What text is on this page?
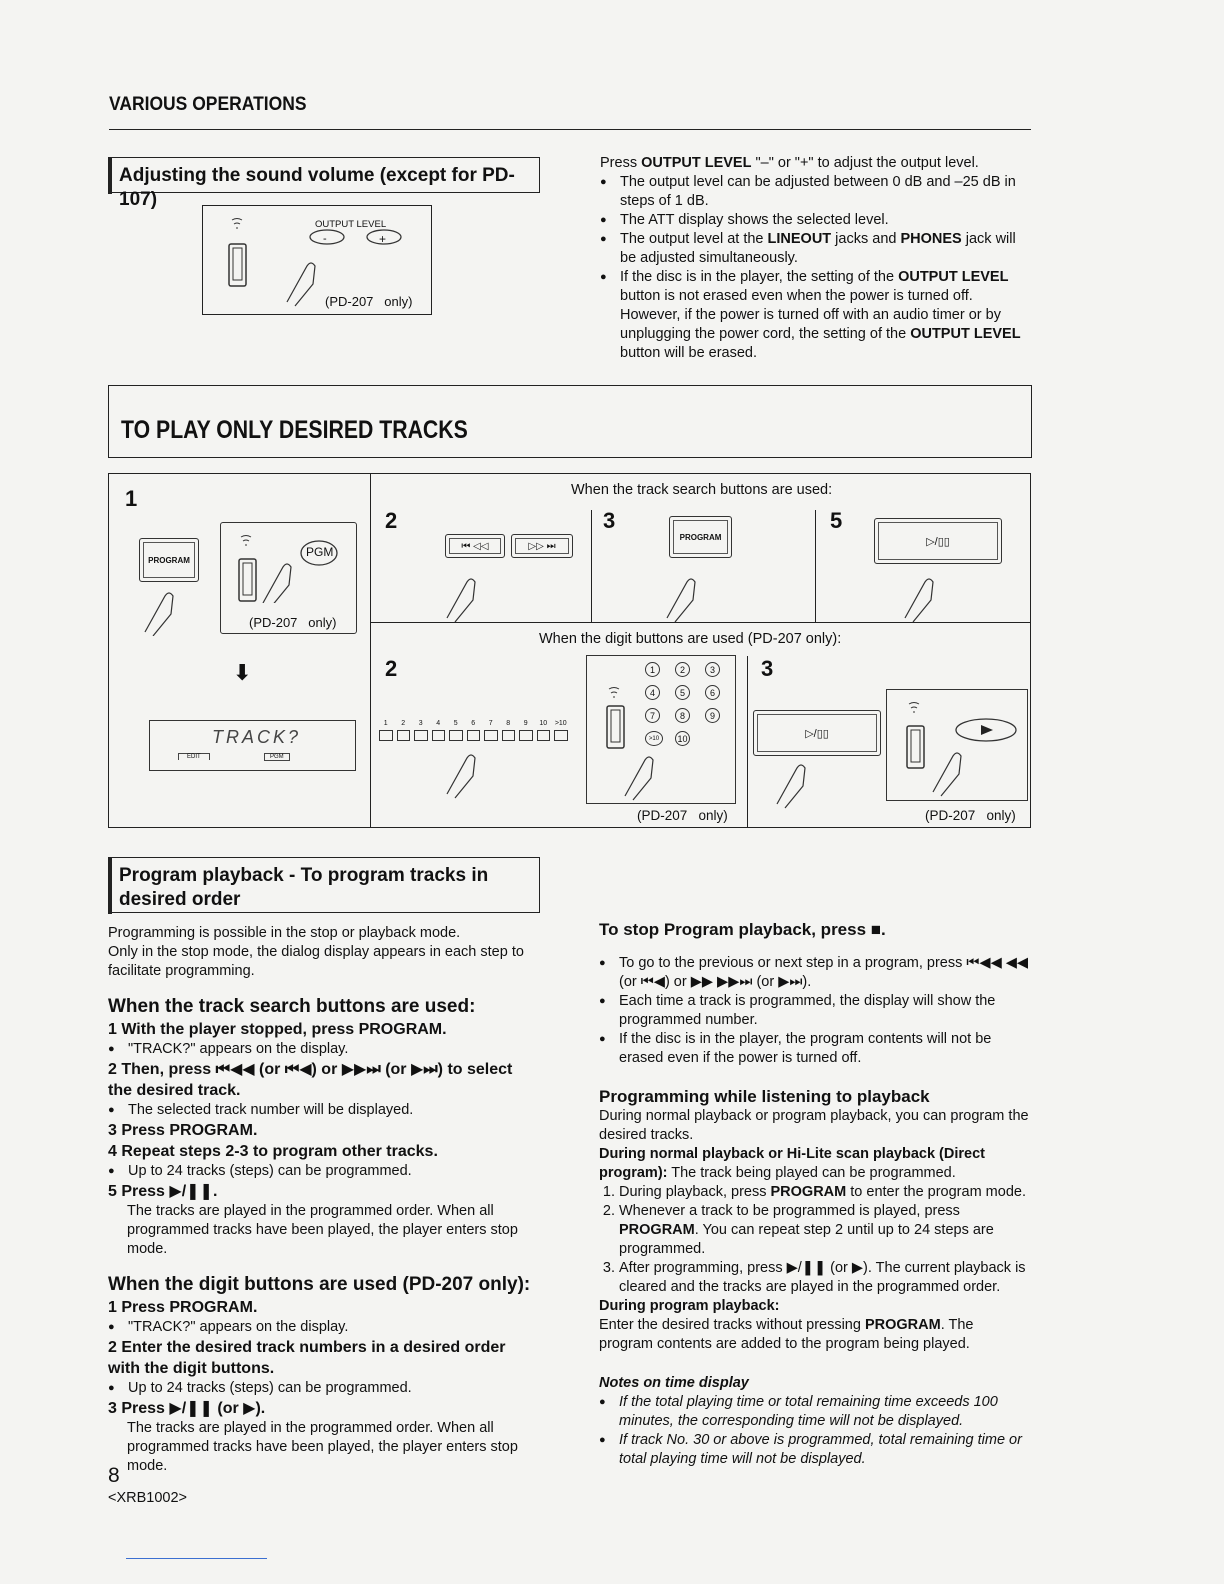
VARIOUS OPERATIONS
Adjusting the sound volume (except for PD-107)
OUTPUT LEVEL
-	+
(PD-207   only)
Press OUTPUT LEVEL "–" or "+" to adjust the output level.
● The output level can be adjusted between 0 dB and –25 dB in steps of 1 dB.
● The ATT display shows the selected level.
● The output level at the LINEOUT jacks and PHONES jack will be adjusted simultaneously.
● If the disc is in the player, the setting of the OUTPUT LEVEL button is not erased even when the power is turned off. However, if the power is turned off with an audio timer or by unplugging the power cord, the setting of the OUTPUT LEVEL button will be erased.
TO PLAY ONLY DESIRED TRACKS
1
PROGRAM
PGM
(PD-207   only)
⬇
TRACK?
EDIT	PGM
When the track search buttons are used:
2
⏮ ◁◁	▷▷ ⏭
3
PROGRAM
5
▷/▯▯
When the digit buttons are used (PD-207 only):
2
1	2	3	4	5	6	7	8	9	10	>10
1	2	3
4	5	6
7	8	9
>10	10
(PD-207   only)
3
▷/▯▯
(PD-207   only)
Program playback - To program tracks in desired order
Programming is possible in the stop or playback mode.
Only in the stop mode, the dialog display appears in each step to facilitate programming.
When the track search buttons are used:
1 With the player stopped, press PROGRAM.
● "TRACK?" appears on the display.
2 Then, press ⏮◀◀ (or ⏮◀) or ▶▶⏭ (or ▶⏭) to select the desired track.
● The selected track number will be displayed.
3 Press PROGRAM.
4 Repeat steps 2-3 to program other tracks.
● Up to 24 tracks (steps) can be programmed.
5 Press ▶/❚❚.
The tracks are played in the programmed order. When all programmed tracks have been played, the player enters stop mode.
When the digit buttons are used (PD-207 only):
1 Press PROGRAM.
● "TRACK?" appears on the display.
2 Enter the desired track numbers in a desired order with the digit buttons.
● Up to 24 tracks (steps) can be programmed.
3 Press ▶/❚❚ (or ▶).
The tracks are played in the programmed order. When all programmed tracks have been played, the player enters stop mode.
To stop Program playback, press ■.
● To go to the previous or next step in a program, press ⏮◀◀ ◀◀ (or ⏮◀) or ▶▶ ▶▶⏭ (or ▶⏭).
● Each time a track is programmed, the display will show the programmed number.
● If the disc is in the player, the program contents will not be erased even if the power is turned off.
Programming while listening to playback
During normal playback or program playback, you can program the desired tracks.
During normal playback or Hi-Lite scan playback (Direct program): The track being played can be programmed.
1. During playback, press PROGRAM to enter the program mode.
2. Whenever a track to be programmed is played, press PROGRAM. You can repeat step 2 until up to 24 steps are programmed.
3. After programming, press ▶/❚❚ (or ▶). The current playback is cleared and the tracks are played in the programmed order.
During program playback:
Enter the desired tracks without pressing PROGRAM. The program contents are added to the program being played.
Notes on time display
● If the total playing time or total remaining time exceeds 100 minutes, the corresponding time will not be displayed.
● If track No. 30 or above is programmed, total remaining time or total playing time will not be displayed.
8
<XRB1002>
